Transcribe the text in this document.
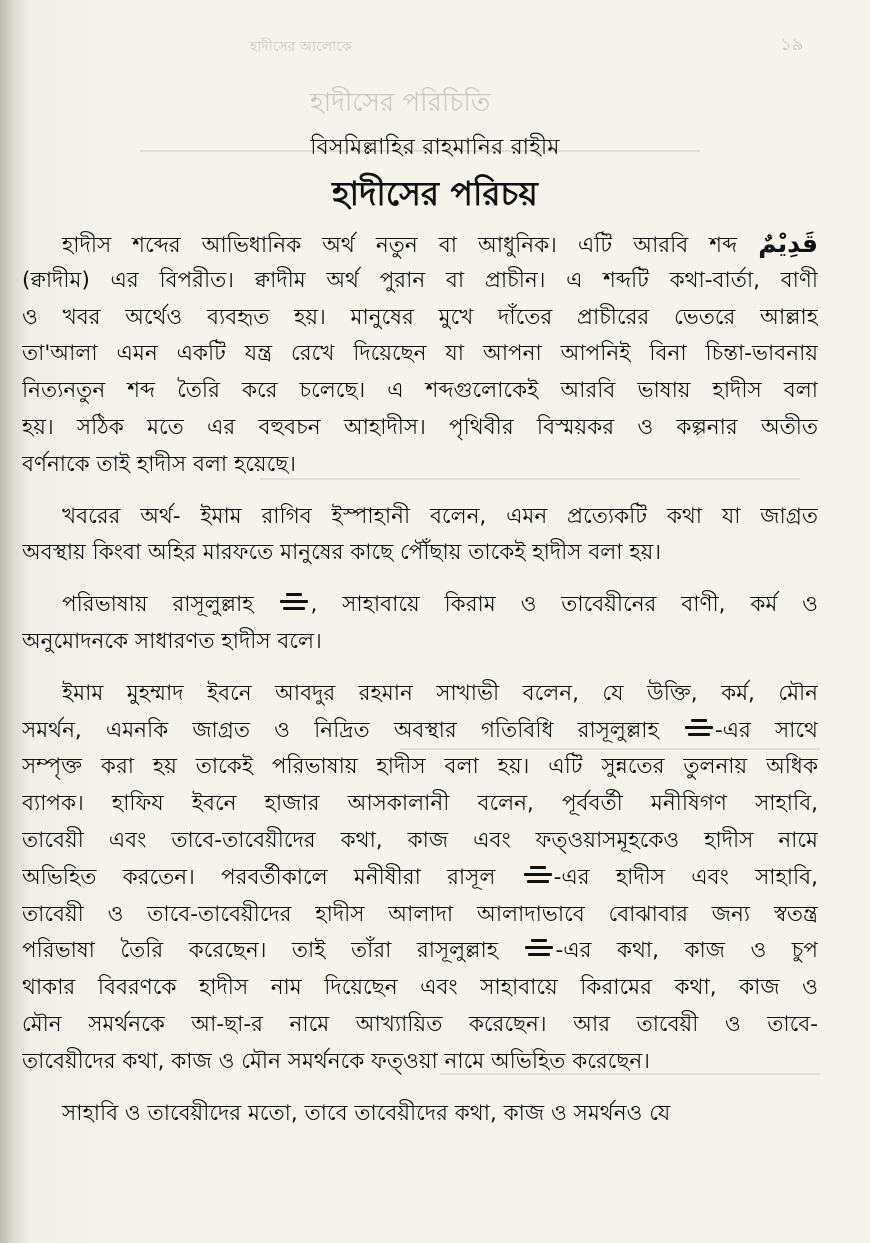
হাদীসের আলোকে	১৯
হাদীসের পরিচিতি
বিসমিল্লাহির রাহমানির রাহীম
হাদীসের পরিচয়
হাদীস শব্দের আভিধানিক অর্থ নতুন বা আধুনিক। এটি আরবি শব্দ قَدِيْمٌ
(ক্বাদীম) এর বিপরীত। ক্বাদীম অর্থ পুরান বা প্রাচীন। এ শব্দটি কথা-বার্তা, বাণী
ও খবর অর্থেও ব্যবহৃত হয়। মানুষের মুখে দাঁতের প্রাচীরের ভেতরে আল্লাহ
তা'আলা এমন একটি যন্ত্র রেখে দিয়েছেন যা আপনা আপনিই বিনা চিন্তা-ভাবনায়
নিত্যনতুন শব্দ তৈরি করে চলেছে। এ শব্দগুলোকেই আরবি ভাষায় হাদীস বলা
হয়। সঠিক মতে এর বহুবচন আহাদীস। পৃথিবীর বিস্ময়কর ও কল্পনার অতীত
বর্ণনাকে তাই হাদীস বলা হয়েছে।
খবরের অর্থ- ইমাম রাগিব ইস্পাহানী বলেন, এমন প্রত্যেকটি কথা যা জাগ্রত
অবস্থায় কিংবা অহির মারফতে মানুষের কাছে পৌঁছায় তাকেই হাদীস বলা হয়।
পরিভাষায় রাসূলুল্লাহ
, সাহাবায়ে কিরাম ও তাবেয়ীনের বাণী, কর্ম ও
অনুমোদনকে সাধারণত হাদীস বলে।
ইমাম মুহম্মাদ ইবনে আবদুর রহমান সাখাভী বলেন, যে উক্তি, কর্ম, মৌন
সমর্থন, এমনকি জাগ্রত ও নিদ্রিত অবস্থার গতিবিধি রাসূলুল্লাহ
-এর সাথে
সম্পৃক্ত করা হয় তাকেই পরিভাষায় হাদীস বলা হয়। এটি সুন্নতের তুলনায় অধিক
ব্যাপক। হাফিয ইবনে হাজার আসকালানী বলেন, পূর্ববর্তী মনীষিগণ সাহাবি,
তাবেয়ী এবং তাবে-তাবেয়ীদের কথা, কাজ এবং ফত্ওয়াসমূহকেও হাদীস নামে
অভিহিত করতেন। পরবর্তীকালে মনীষীরা রাসূল
-এর হাদীস এবং সাহাবি,
তাবেয়ী ও তাবে-তাবেয়ীদের হাদীস আলাদা আলাদাভাবে বোঝাবার জন্য স্বতন্ত্র
পরিভাষা তৈরি করেছেন। তাই তাঁরা রাসূলুল্লাহ
-এর কথা, কাজ ও চুপ
থাকার বিবরণকে হাদীস নাম দিয়েছেন এবং সাহাবায়ে কিরামের কথা, কাজ ও
মৌন সমর্থনকে আ-ছা-র নামে আখ্যায়িত করেছেন। আর তাবেয়ী ও তাবে-
তাবেয়ীদের কথা, কাজ ও মৌন সমর্থনকে ফত্ওয়া নামে অভিহিত করেছেন।
সাহাবি ও তাবেয়ীদের মতো, তাবে তাবেয়ীদের কথা, কাজ ও সমর্থনও যে
